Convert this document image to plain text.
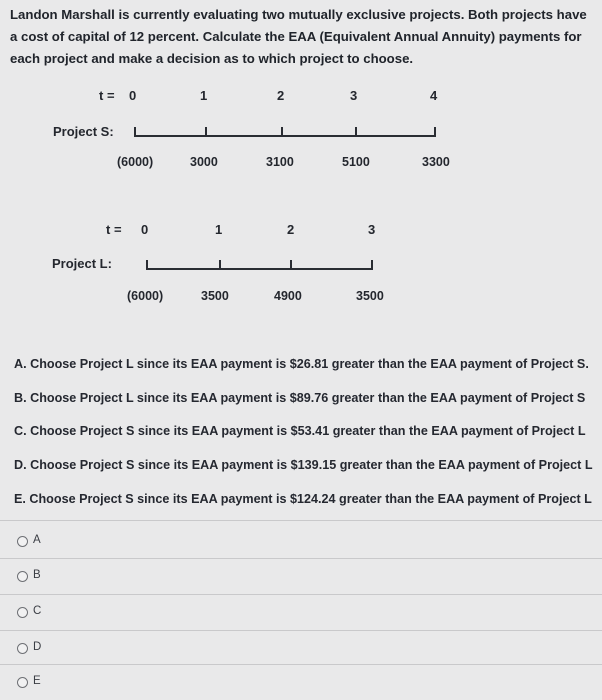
Landon Marshall is currently evaluating two mutually exclusive projects. Both projects have a cost of capital of 12 percent. Calculate the EAA (Equivalent Annual Annuity) payments for each project and make a decision as to which project to choose.
t = 0	1	2	3	4
Project S:
(6000)	3000	3100	5100	3300
t = 0	1	2	3
Project L:
(6000)	3500	4900	3500
A. Choose Project L since its EAA payment is $26.81 greater than the EAA payment of Project S.
B. Choose Project L since its EAA payment is $89.76 greater than the EAA payment of Project S
C. Choose Project S since its EAA payment is $53.41 greater than the EAA payment of Project L
D. Choose Project S since its EAA payment is $139.15 greater than the EAA payment of Project L
E. Choose Project S since its EAA payment is $124.24 greater than the EAA payment of Project L
A
B
C
D
E
